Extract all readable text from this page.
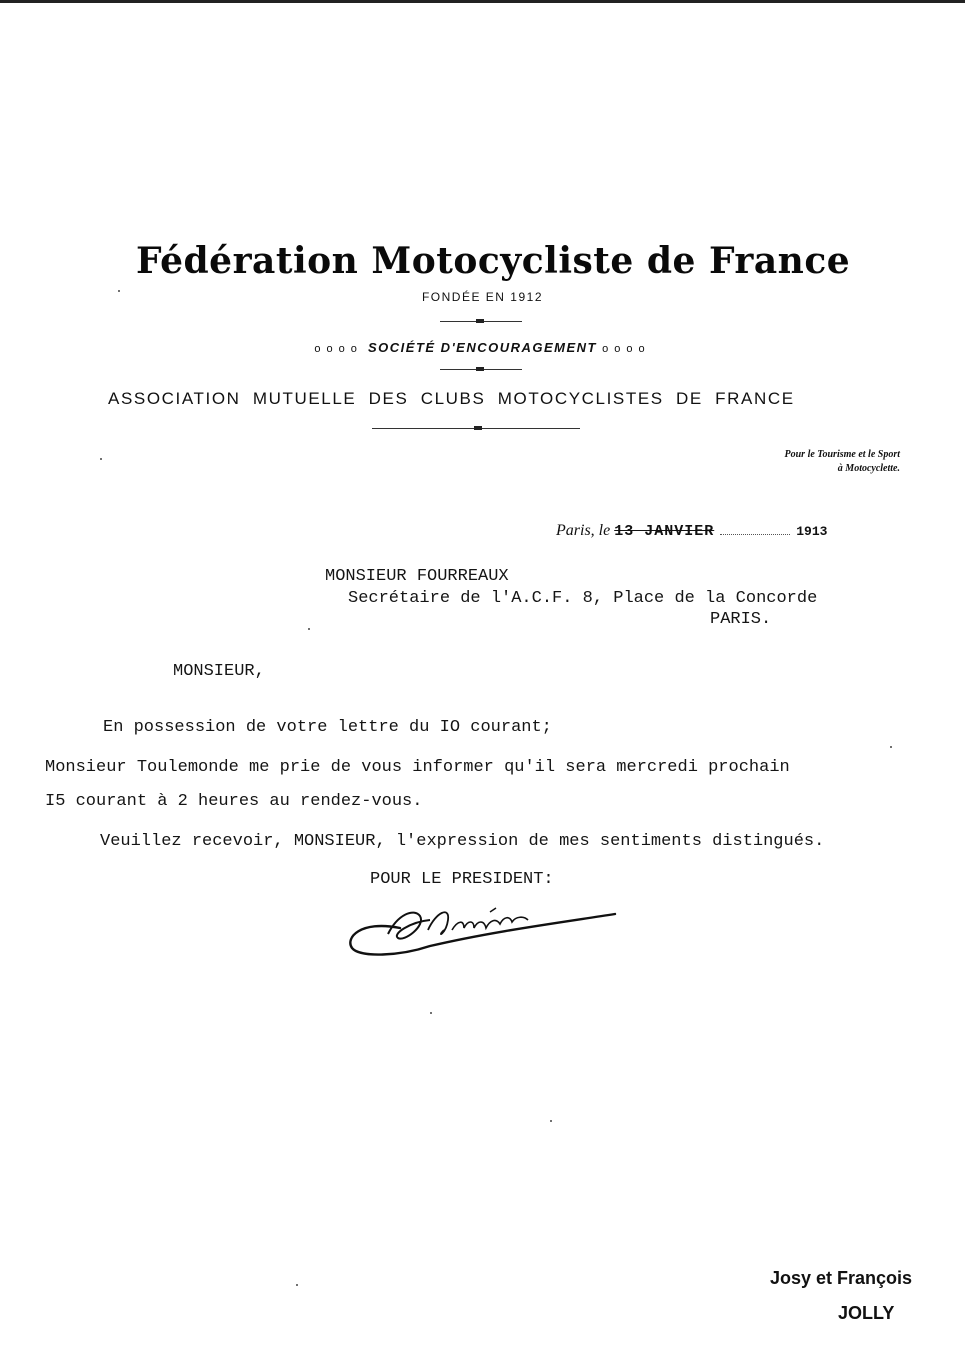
Fédération Motocycliste de France
FONDÉE EN 1912
oooo SOCIÉTÉ D'ENCOURAGEMENT oooo
ASSOCIATION MUTUELLE DES CLUBS MOTOCYCLISTES DE FRANCE
Pour le Tourisme et le Sport
à Motocyclette.
Paris, le 13 JANVIER	1913
MONSIEUR FOURREAUX
Secrétaire de l'A.C.F. 8, Place de la Concorde
PARIS.
MONSIEUR,
En possession de votre lettre du IO courant;
Monsieur Toulemonde me prie de vous informer qu'il sera mercredi prochain
I5 courant à 2 heures au rendez-vous.
Veuillez recevoir, MONSIEUR, l'expression de mes sentiments distingués.
POUR LE PRESIDENT:
Josy et François
JOLLY
